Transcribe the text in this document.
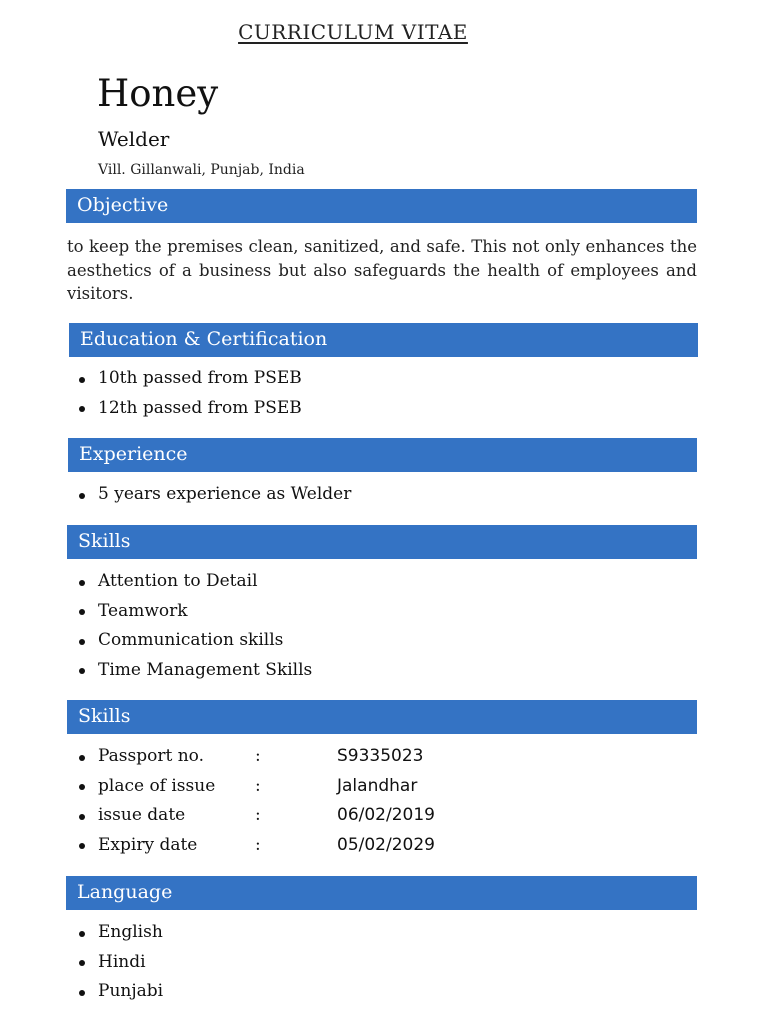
CURRICULUM VITAE
Honey
Welder
Vill. Gillanwali, Punjab, India
Objective
to keep the premises clean, sanitized, and safe. This not only enhances the aesthetics of a business but also safeguards the health of employees and visitors.
Education & Certification
10th passed from PSEB
12th passed from PSEB
Experience
5 years experience as Welder
Skills
Attention to Detail
Teamwork
Communication skills
Time Management Skills
Skills
Passport no.	:	S9335023
place of issue :	Jalandhar
issue date	:	06/02/2019
Expiry date	:	05/02/2029
Language
English
Hindi
Punjabi
